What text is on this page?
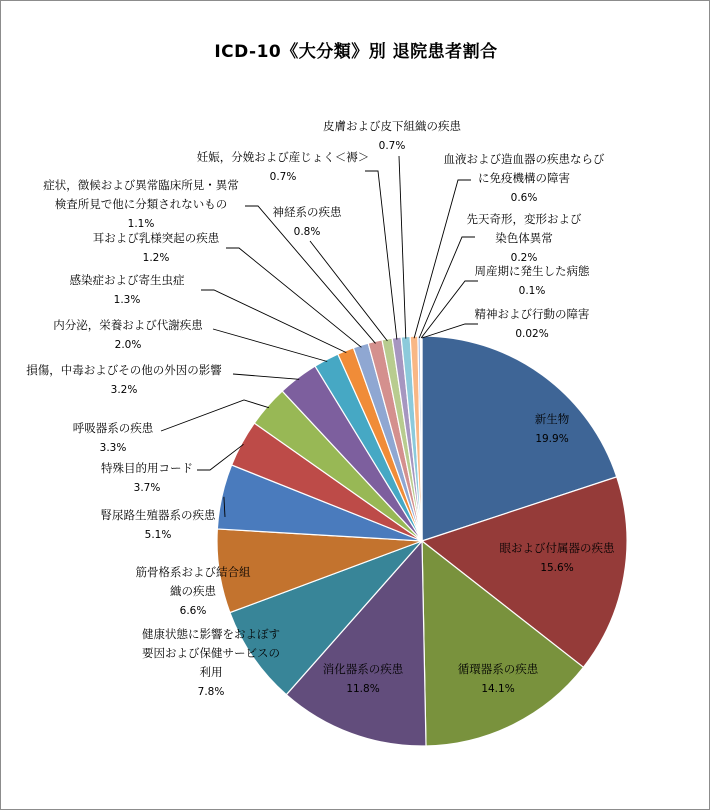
ICD-10《大分類》別 退院患者割合
新生物
19.9%
眼および付属器の疾患
15.6%
循環器系の疾患
14.1%
消化器系の疾患
11.8%
健康状態に影響をおよぼす要因および保健サービスの利用
7.8%
筋骨格系および結合組織の疾患
6.6%
腎尿路生殖器系の疾患
5.1%
特殊目的用コード
3.7%
呼吸器系の疾患
3.3%
損傷，中毒およびその他の外因の影響
3.2%
内分泌，栄養および代謝疾患
2.0%
感染症および寄生虫症
1.3%
耳および乳様突起の疾患
1.2%
症状，徴候および異常臨床所見・異常検査所見で他に分類されないもの
1.1%
神経系の疾患
0.8%
妊娠，分娩および産じょく＜褥＞
0.7%
皮膚および皮下組織の疾患
0.7%
血液および造血器の疾患ならびに免疫機構の障害
0.6%
先天奇形，変形および染色体異常
0.2%
周産期に発生した病態
0.1%
精神および行動の障害
0.02%
